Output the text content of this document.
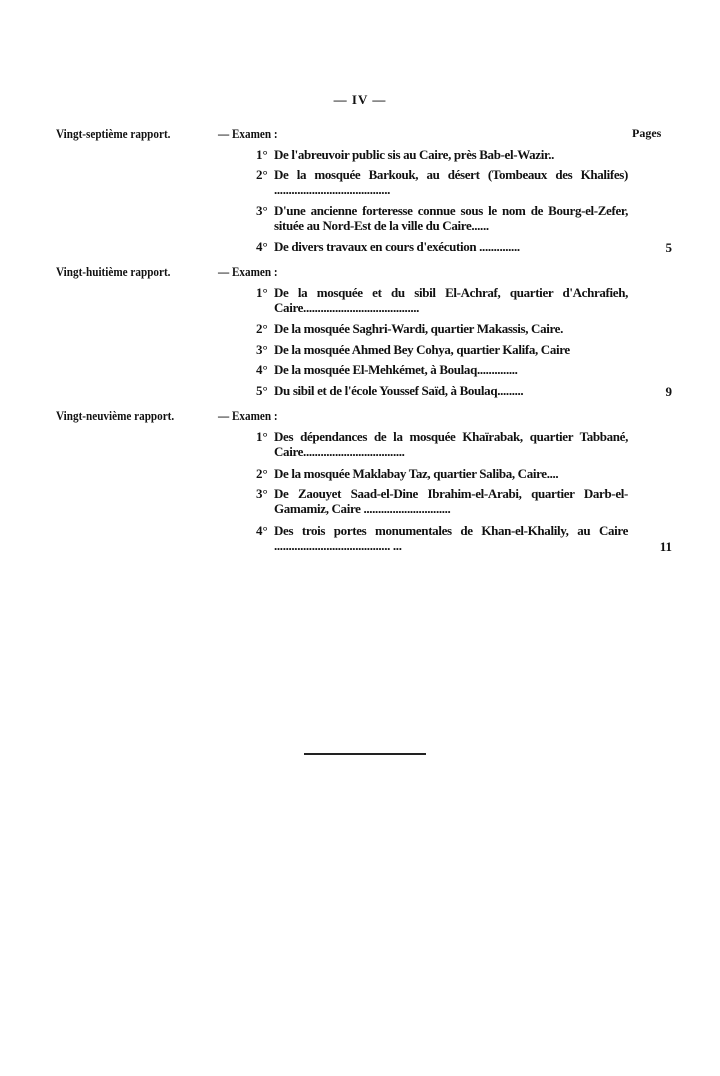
— IV —
Pages
Vingt-septième rapport.	— Examen :
1° De l'abreuvoir public sis au Caire, près Bab-el-Wazir..
2° De la mosquée Barkouk, au désert (Tombeaux des Khalifes) ........................................
3° D'une ancienne forteresse connue sous le nom de Bourg-el-Zefer, située au Nord-Est de la ville du Caire......
4° De divers travaux en cours d'exécution ..............	5
Vingt-huitième rapport.	— Examen :
1° De la mosquée et du sibil El-Achraf, quartier d'Achrafieh, Caire........................................
2° De la mosquée Saghri-Wardi, quartier Makassis, Caire.
3° De la mosquée Ahmed Bey Cohya, quartier Kalifa, Caire
4° De la mosquée El-Mehkémet, à Boulaq..............
5° Du sibil et de l'école Youssef Saïd, à Boulaq.........	9
Vingt-neuvième rapport.	— Examen :
1° Des dépendances de la mosquée Khaïrabak, quartier Tabbané, Caire...................................
2° De la mosquée Maklabay Taz, quartier Saliba, Caire....
3° De Zaouyet Saad-el-Dine Ibrahim-el-Arabi, quartier Darb-el-Gamamiz, Caire ..............................
4° Des trois portes monumentales de Khan-el-Khalily, au Caire ........................................ ...	11
